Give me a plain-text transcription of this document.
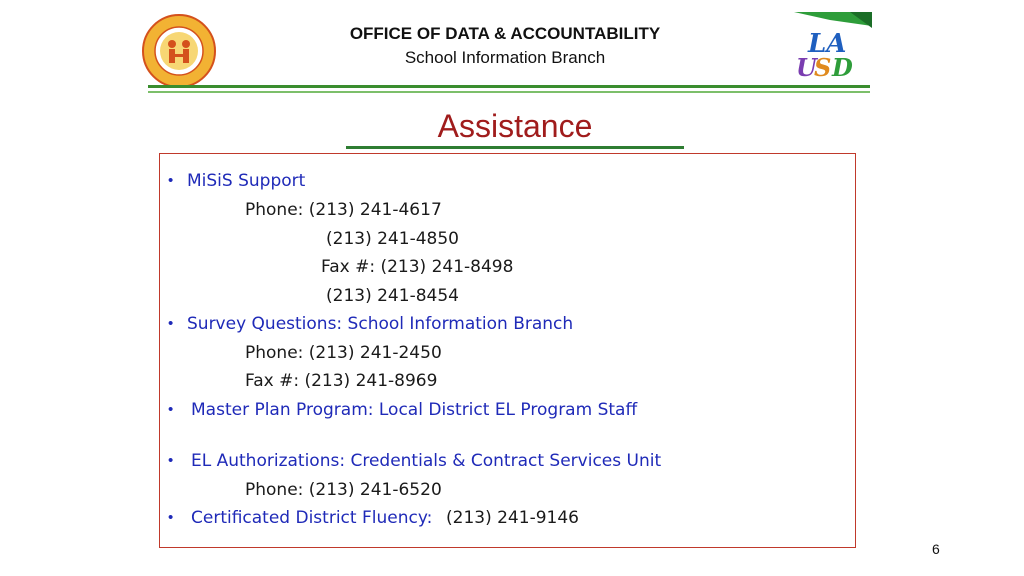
OFFICE OF DATA & ACCOUNTABILITY
School Information Branch	LA
U
S D
Assistance
• MiSiS Support
Phone: (213) 241-4617
(213) 241-4850
Fax #: (213) 241-8498
(213) 241-8454
• Survey Questions: School Information Branch
Phone: (213) 241-2450
Fax #: (213) 241-8969
• Master Plan Program: Local District EL Program Staff
• EL Authorizations: Credentials & Contract Services Unit
Phone: (213) 241-6520
• Certificated District Fluency: (213) 241-9146
6
